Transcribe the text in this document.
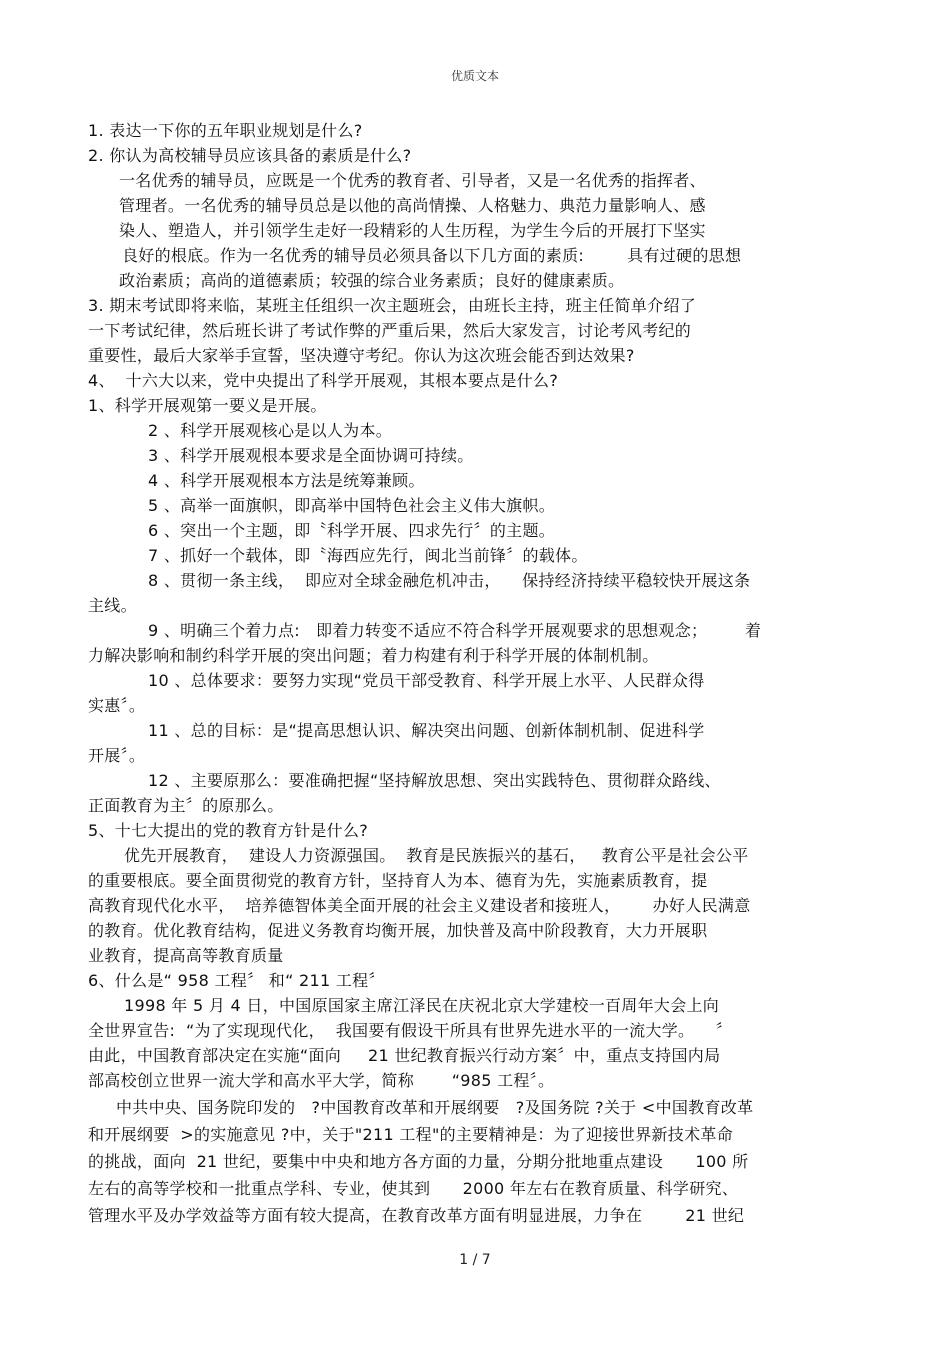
优质文本
1. 表达一下你的五年职业规划是什么?
2. 你认为高校辅导员应该具备的素质是什么?
一名优秀的辅导员，应既是一个优秀的教育者、引导者，又是一名优秀的指挥者、
管理者。一名优秀的辅导员总是以他的高尚情操、人格魅力、典范力量影响人、感
染人、塑造人，并引领学生走好一段精彩的人生历程，为学生今后的开展打下坚实
良好的根底。作为一名优秀的辅导员必须具备以下几方面的素质:        具有过硬的思想
政治素质；高尚的道德素质；较强的综合业务素质；良好的健康素质。
3. 期末考试即将来临，某班主任组织一次主题班会，由班长主持，班主任简单介绍了
一下考试纪律，然后班长讲了考试作弊的严重后果，然后大家发言，讨论考风考纪的
重要性，最后大家举手宣誓，坚决遵守考纪。你认为这次班会能否到达效果?
4、  十六大以来，党中央提出了科学开展观，其根本要点是什么?
1、科学开展观第一要义是开展。
2 、科学开展观核心是以人为本。
3 、科学开展观根本要求是全面协调可持续。
4 、科学开展观根本方法是统筹兼顾。
5 、高举一面旗帜，即高举中国特色社会主义伟大旗帜。
6 、突出一个主题，即〝科学开展、四求先行〞的主题。
7 、抓好一个载体，即〝海西应先行，闽北当前锋〞的载体。
8 、贯彻一条主线，  即应对全球金融危机冲击，    保持经济持续平稳较快开展这条
主线。
9 、明确三个着力点:   即着力转变不适应不符合科学开展观要求的思想观念；       着
力解决影响和制约科学开展的突出问题；着力构建有利于科学开展的体制机制。
10 、总体要求：要努力实现“党员干部受教育、科学开展上水平、人民群众得
实惠〞。
11 、总的目标：是“提高思想认识、解决突出问题、创新体制机制、促进科学
开展〞。
12 、主要原那么：要准确把握“坚持解放思想、突出实践特色、贯彻群众路线、
正面教育为主〞的原那么。
5、十七大提出的党的教育方针是什么?
优先开展教育，  建设人力资源强国。  教育是民族振兴的基石，   教育公平是社会公平
的重要根底。要全面贯彻党的教育方针，坚持育人为本、德育为先，实施素质教育，提
高教育现代化水平，  培养德智体美全面开展的社会主义建设者和接班人，      办好人民满意
的教育。优化教育结构，促进义务教育均衡开展，加快普及高中阶段教育，大力开展职
业教育，提高高等教育质量
6、什么是“ 958 工程〞 和“ 211 工程〞
1998 年 5 月 4 日，中国原国家主席江泽民在庆祝北京大学建校一百周年大会上向
全世界宣告:  “为了实现现代化，  我国要有假设干所具有世界先进水平的一流大学。    〞
由此，中国教育部决定在实施“面向     21 世纪教育振兴行动方案〞中，重点支持国内局
部高校创立世界一流大学和高水平大学，简称       “985 工程〞。
中共中央、国务院印发的   ?中国教育改革和开展纲要   ?及国务院 ?关于 <中国教育改革
和开展纲要  >的实施意见 ?中，关于"211 工程"的主要精神是：为了迎接世界新技术革命
的挑战，面向  21 世纪，要集中中央和地方各方面的力量，分期分批地重点建设      100 所
左右的高等学校和一批重点学科、专业，使其到      2000 年左右在教育质量、科学研究、
管理水平及办学效益等方面有较大提高，在教育改革方面有明显进展，力争在        21 世纪
1 / 7
